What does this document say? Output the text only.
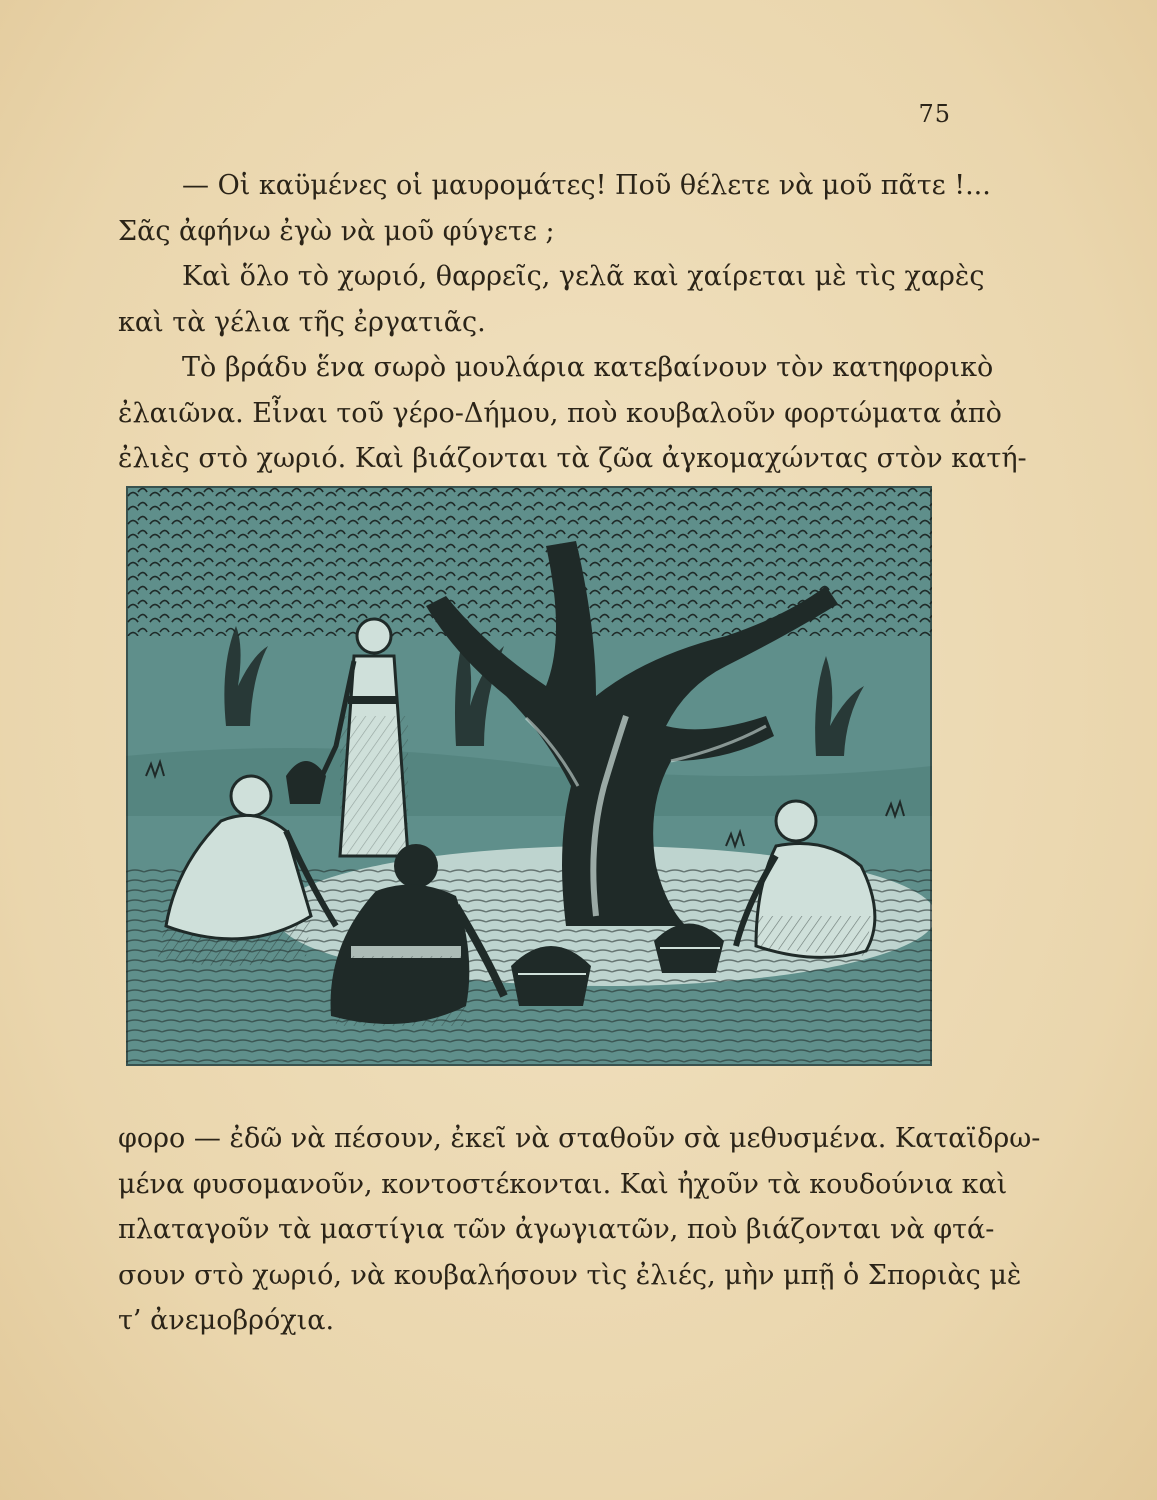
75

— Οἱ καϋμένες οἱ μαυρομάτες! Ποῦ θέλετε νὰ μοῦ πᾶτε !...
Σᾶς ἀφήνω ἐγὼ νὰ μοῦ φύγετε ;

Καὶ ὅλο τὸ χωριό, θαρρεῖς, γελᾶ καὶ χαίρεται μὲ τὶς χαρὲς
καὶ τὰ γέλια τῆς ἐργατιᾶς.

Τὸ βράδυ ἕνα σωρὸ μουλάρια κατεβαίνουν τὸν κατηφορικὸ
ἐλαιῶνα. Εἶναι τοῦ γέρο-Δήμου, ποὺ κουβαλοῦν φορτώματα ἀπὸ
ἐλιὲς στὸ χωριό. Καὶ βιάζονται τὰ ζῶα ἀγκομαχώντας στὸν κατή-

φορο — ἐδῶ νὰ πέσουν, ἐκεῖ νὰ σταθοῦν σὰ μεθυσμένα. Καταϊδρω-
μένα φυσομανοῦν, κοντοστέκονται. Καὶ ἠχοῦν τὰ κουδούνια καὶ
πλαταγοῦν τὰ μαστίγια τῶν ἀγωγιατῶν, ποὺ βιάζονται νὰ φτά-
σουν στὸ χωριό, νὰ κουβαλήσουν τὶς ἐλιές, μὴν μπῇ ὁ Σποριὰς μὲ
τ’ ἀνεμοβρόχια.
